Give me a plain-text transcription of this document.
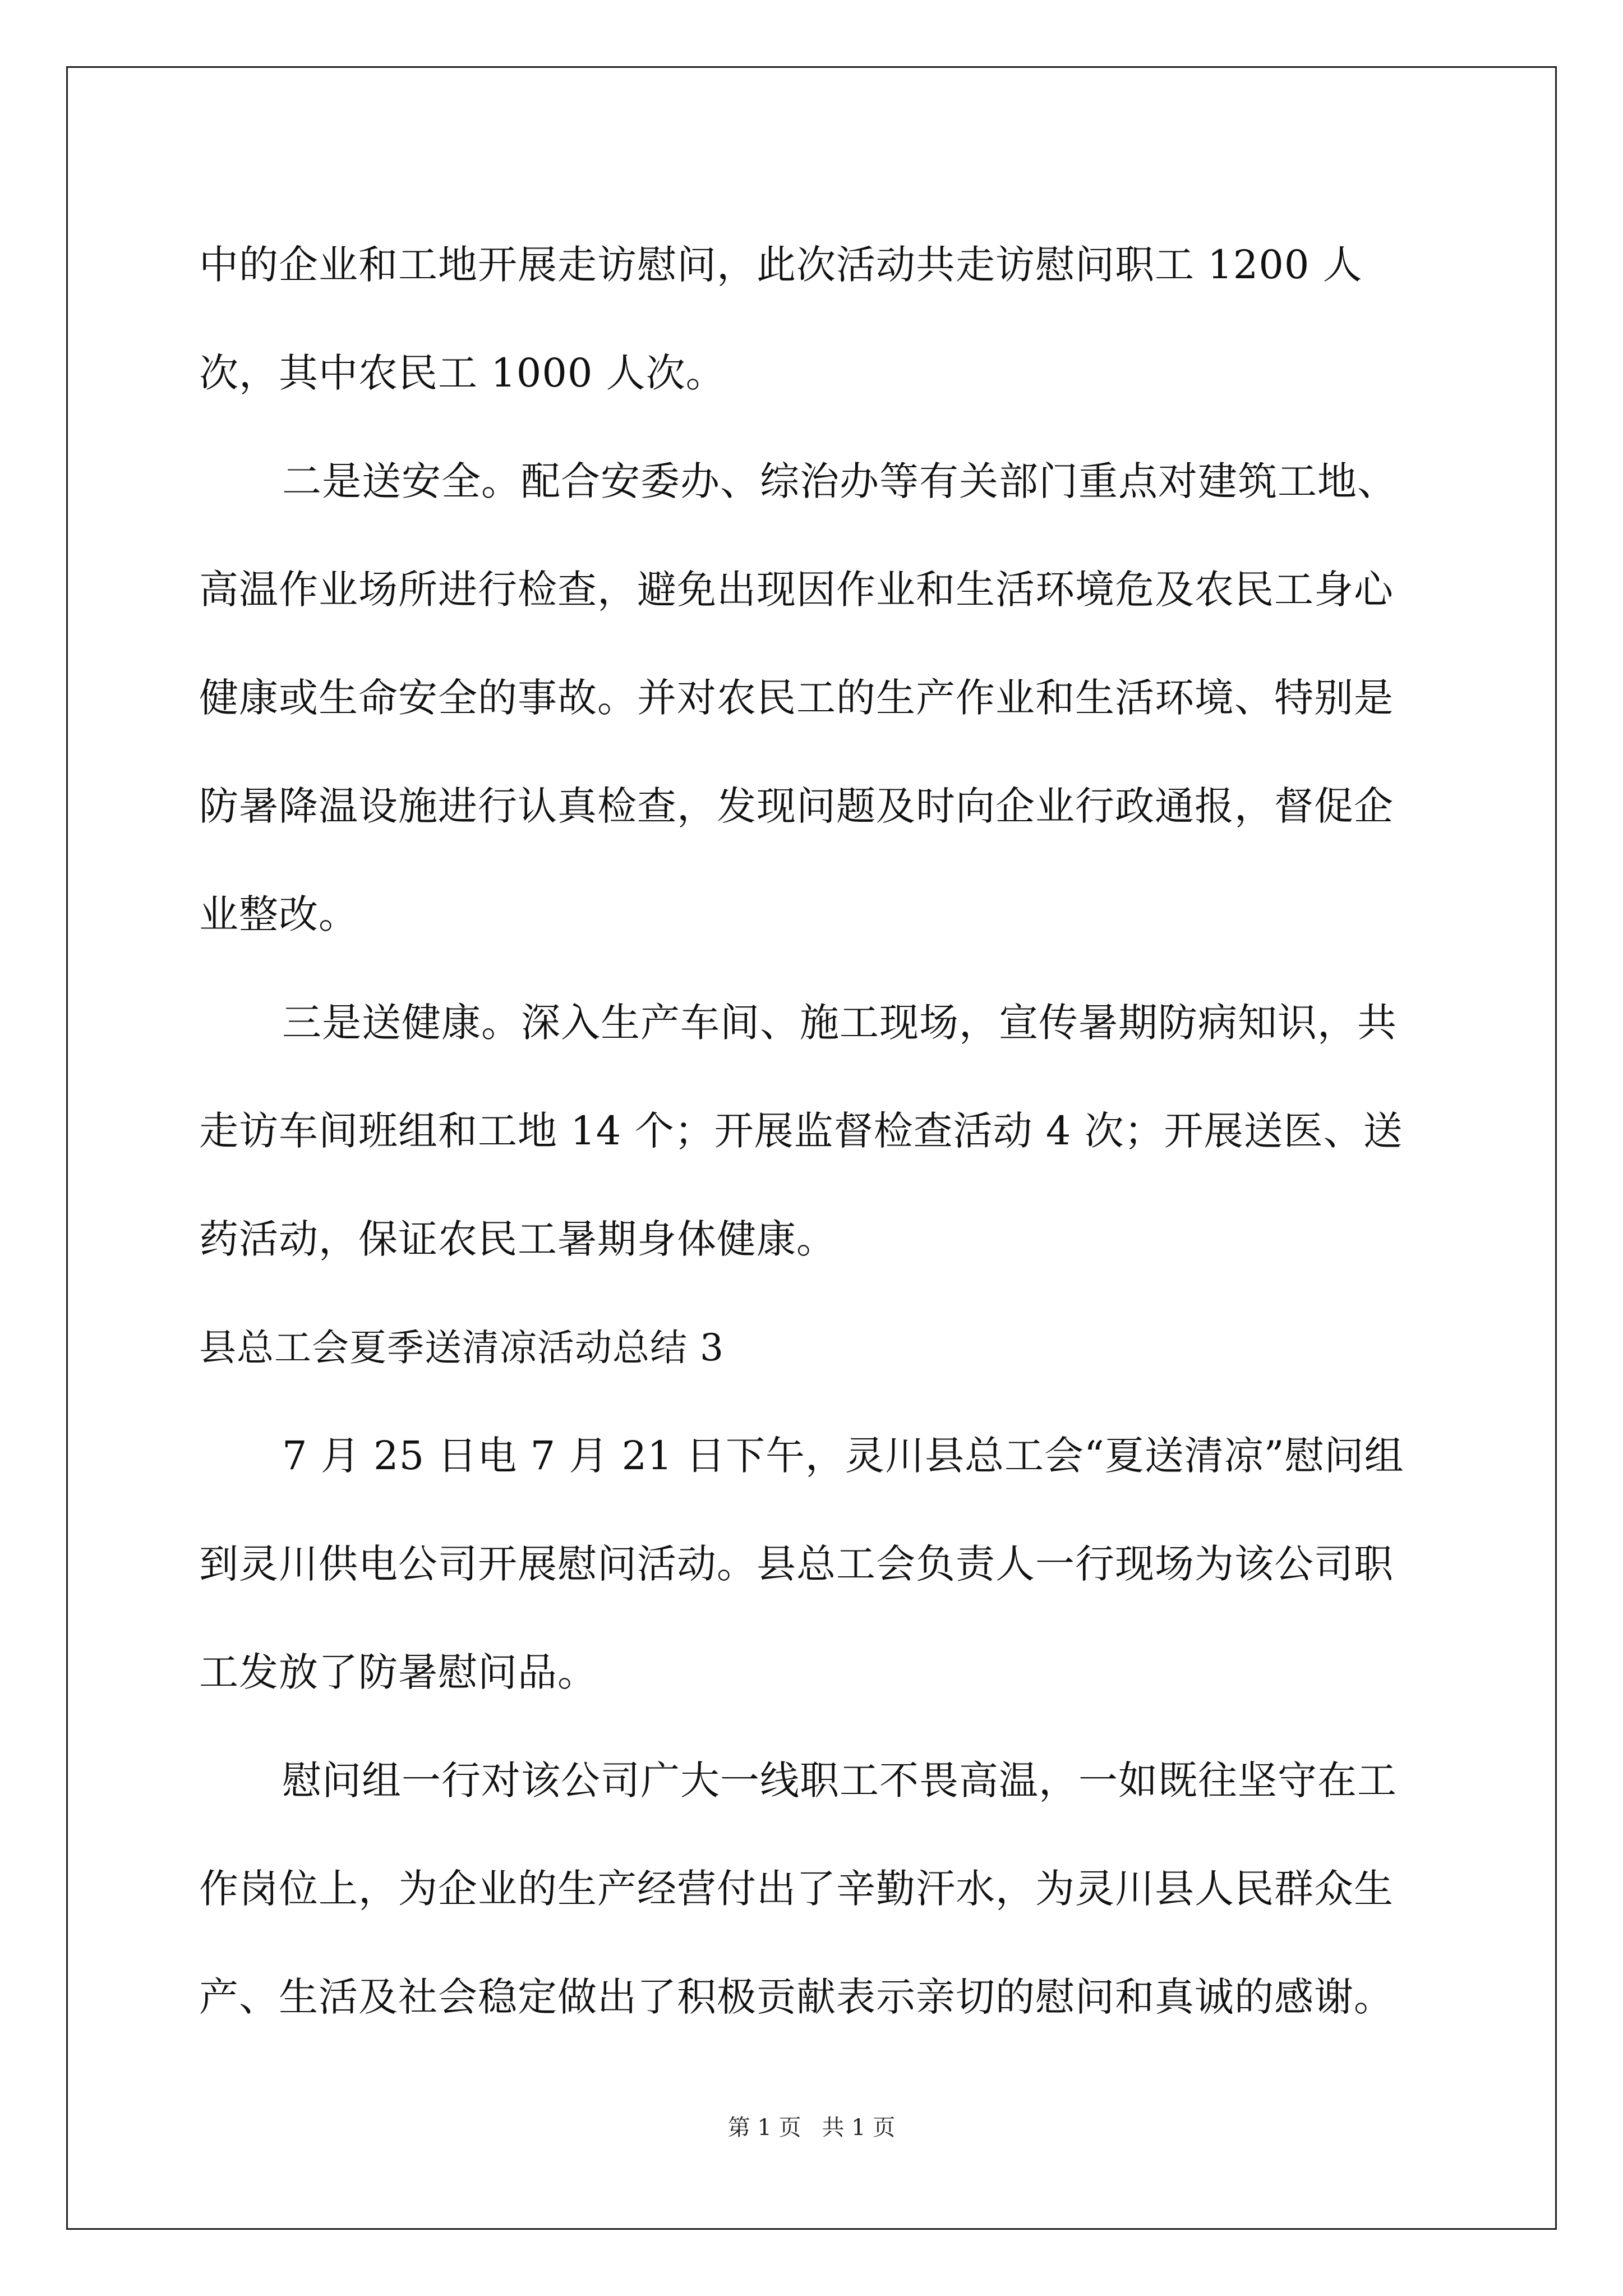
中的企业和工地开展走访慰问，此次活动共走访慰问职工 1200 人次，其中农民工 1000 人次。

二是送安全。配合安委办、综治办等有关部门重点对建筑工地、高温作业场所进行检查，避免出现因作业和生活环境危及农民工身心健康或生命安全的事故。并对农民工的生产作业和生活环境、特别是防暑降温设施进行认真检查，发现问题及时向企业行政通报，督促企业整改。

三是送健康。深入生产车间、施工现场，宣传暑期防病知识，共走访车间班组和工地 14 个；开展监督检查活动 4 次；开展送医、送药活动，保证农民工暑期身体健康。

县总工会夏季送清凉活动总结 3

7 月 25 日电 7 月 21 日下午，灵川县总工会“夏送清凉”慰问组到灵川供电公司开展慰问活动。县总工会负责人一行现场为该公司职工发放了防暑慰问品。

慰问组一行对该公司广大一线职工不畏高温，一如既往坚守在工作岗位上，为企业的生产经营付出了辛勤汗水，为灵川县人民群众生产、生活及社会稳定做出了积极贡献表示亲切的慰问和真诚的感谢。

第 1 页 共 1 页
